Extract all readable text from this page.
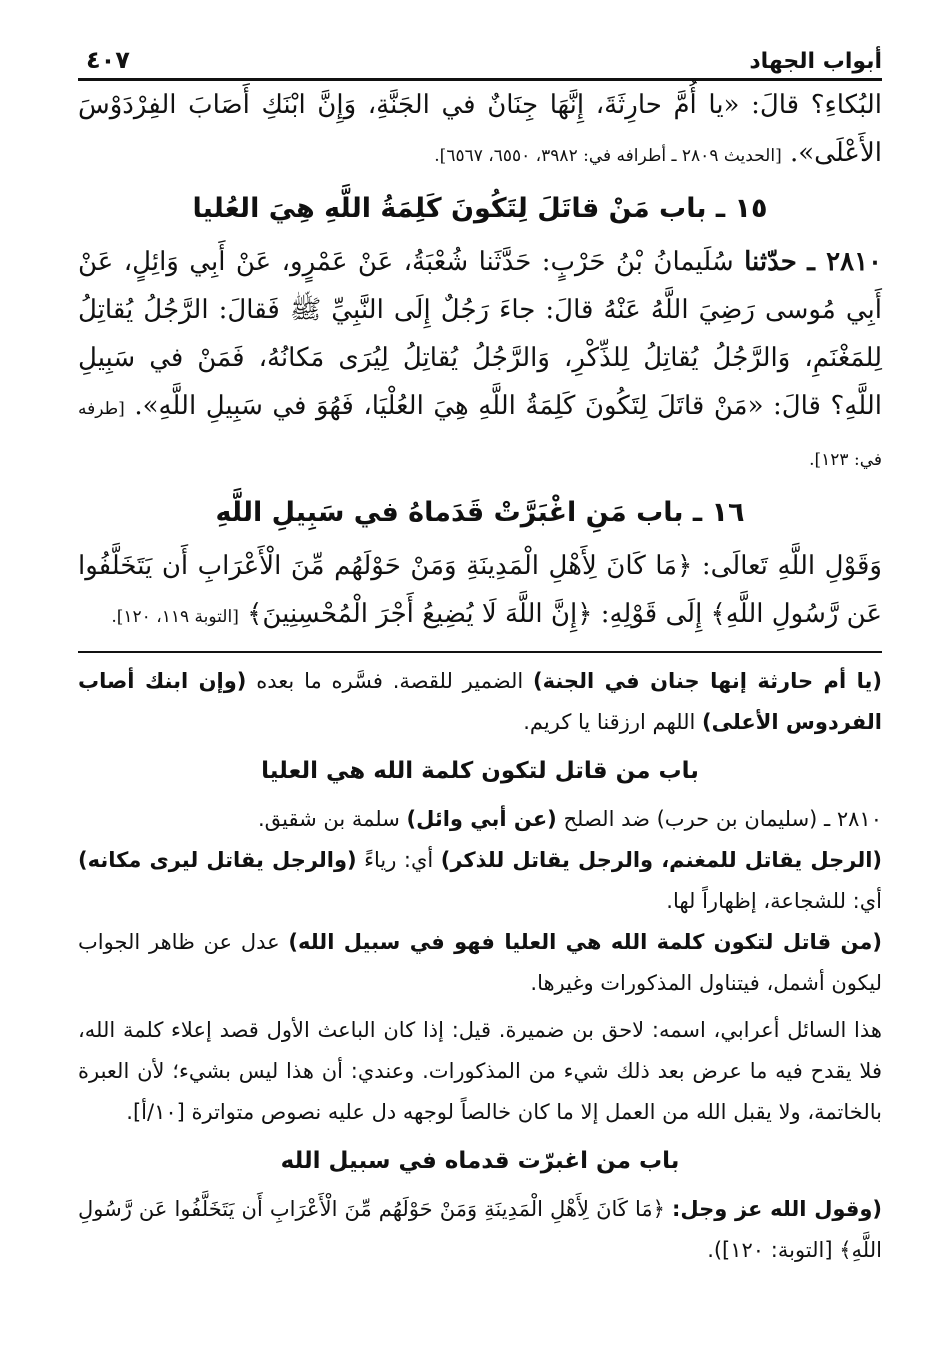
أبواب الجهاد
٤٠٧

البُكاءِ؟ قالَ: «يا أُمَّ حارِثَةَ، إِنَّهَا جِنَانٌ في الجَنَّةِ، وَإِنَّ ابْنَكِ أَصَابَ الفِرْدَوْسَ الأَعْلَى». [الحديث ٢٨٠٩ ـ أطرافه في: ٣٩٨٢، ٦٥٥٠، ٦٥٦٧].

١٥ ـ باب مَنْ قاتَلَ لِتَكُونَ كَلِمَةُ اللَّهِ هِيَ العُليا

٢٨١٠ ـ حدّثنا سُلَيمانُ بْنُ حَرْبٍ: حَدَّثَنا شُعْبَةُ، عَنْ عَمْرٍو، عَنْ أَبِي وَائِلٍ، عَنْ أَبِي مُوسى رَضِيَ اللَّهُ عَنْهُ قالَ: جاءَ رَجُلٌ إِلَى النَّبِيِّ ﷺ فَقالَ: الرَّجُلُ يُقاتِلُ لِلمَغْنَمِ، وَالرَّجُلُ يُقاتِلُ لِلذِّكْرِ، وَالرَّجُلُ يُقاتِلُ لِيُرَى مَكانُهُ، فَمَنْ في سَبِيلِ اللَّهِ؟ قالَ: «مَنْ قاتَلَ لِتَكُونَ كَلِمَةُ اللَّهِ هِيَ العُلْيَا، فَهُوَ في سَبِيلِ اللَّهِ». [طرفه في: ١٢٣].

١٦ ـ باب مَنِ اغْبَرَّتْ قَدَماهُ في سَبِيلِ اللَّهِ

وَقَوْلِ اللَّهِ تَعالَى: ﴿مَا كَانَ لِأَهْلِ الْمَدِينَةِ وَمَنْ حَوْلَهُم مِّنَ الْأَعْرَابِ أَن يَتَخَلَّفُوا عَن رَّسُولِ اللَّهِ﴾ إِلَى قَوْلِهِ: ﴿إِنَّ اللَّهَ لَا يُضِيعُ أَجْرَ الْمُحْسِنِينَ﴾ [التوبة ١١٩، ١٢٠].

(يا أم حارثة إنها جنان في الجنة) الضمير للقصة. فسَّره ما بعده (وإن ابنك أصاب الفردوس الأعلى) اللهم ارزقنا يا كريم.

باب من قاتل لتكون كلمة الله هي العليا

٢٨١٠ ـ (سليمان بن حرب) ضد الصلح (عن أبي وائل) سلمة بن شقيق.

(الرجل يقاتل للمغنم، والرجل يقاتل للذكر) أي: رياءً (والرجل يقاتل ليرى مكانه) أي: للشجاعة، إظهاراً لها.

(من قاتل لتكون كلمة الله هي العليا فهو في سبيل الله) عدل عن ظاهر الجواب ليكون أشمل، فيتناول المذكورات وغيرها.

هذا السائل أعرابي، اسمه: لاحق بن ضميرة. قيل: إذا كان الباعث الأول قصد إعلاء كلمة الله، فلا يقدح فيه ما عرض بعد ذلك شيء من المذكورات. وعندي: أن هذا ليس بشيء؛ لأن العبرة بالخاتمة، ولا يقبل الله من العمل إلا ما كان خالصاً لوجهه دل عليه نصوص متواترة [١٠/أ].

باب من اغبرّت قدماه في سبيل الله

(وقول الله عز وجل: ﴿مَا كَانَ لِأَهْلِ الْمَدِينَةِ وَمَنْ حَوْلَهُم مِّنَ الْأَعْرَابِ أَن يَتَخَلَّفُوا عَن رَّسُولِ اللَّهِ﴾ [التوبة: ١٢٠]).
